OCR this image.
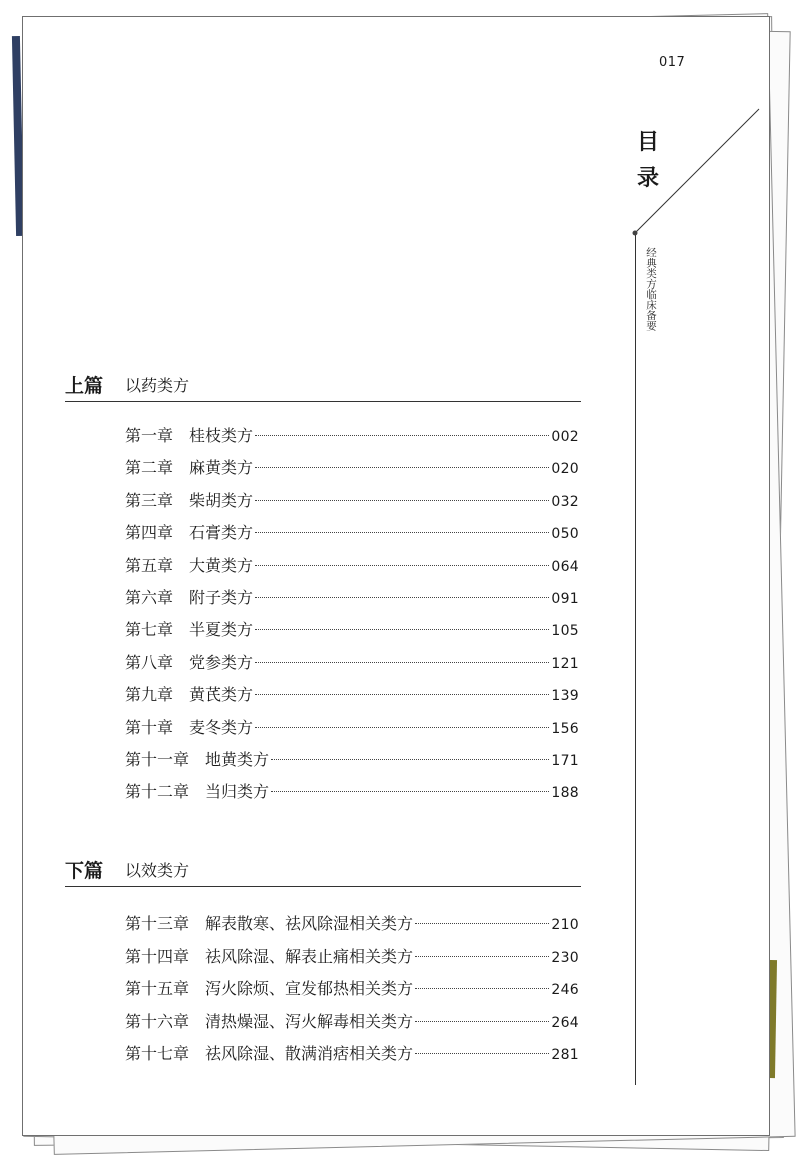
017
目录
经典类方临床备要
上篇 以药类方
第一章 桂枝类方	002
第二章 麻黄类方	020
第三章 柴胡类方	032
第四章 石膏类方	050
第五章 大黄类方	064
第六章 附子类方	091
第七章 半夏类方	105
第八章 党参类方	121
第九章 黄芪类方	139
第十章 麦冬类方	156
第十一章 地黄类方	171
第十二章 当归类方	188
下篇 以效类方
第十三章 解表散寒、祛风除湿相关类方	210
第十四章 祛风除湿、解表止痛相关类方	230
第十五章 泻火除烦、宣发郁热相关类方	246
第十六章 清热燥湿、泻火解毒相关类方	264
第十七章 祛风除湿、散满消痞相关类方	281
